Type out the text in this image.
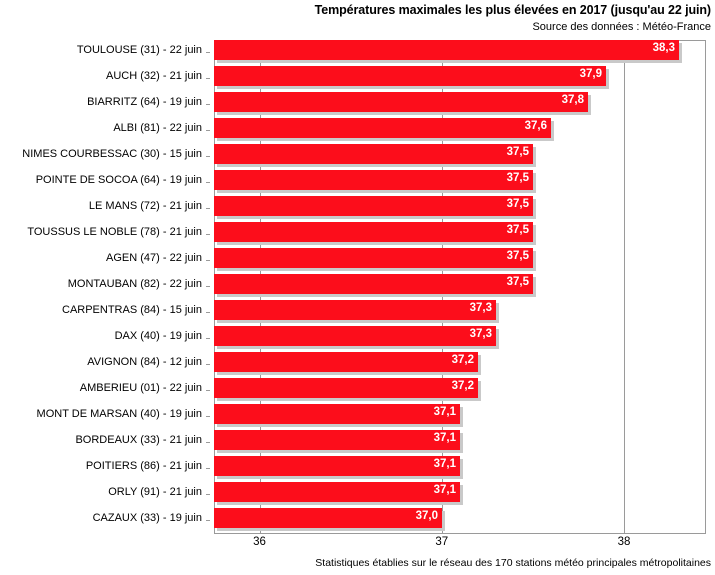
Températures maximales les plus élevées en 2017 (jusqu'au 22 juin)
Source des données : Météo-France
TOULOUSE (31) - 22 juin
AUCH (32) - 21 juin
BIARRITZ (64) - 19 juin
ALBI (81) - 22 juin
NIMES COURBESSAC (30) - 15 juin
POINTE DE SOCOA (64) - 19 juin
LE MANS (72) - 21 juin
TOUSSUS LE NOBLE (78) - 21 juin
AGEN (47) - 22 juin
MONTAUBAN (82) - 22 juin
CARPENTRAS (84) - 15 juin
DAX (40) - 19 juin
AVIGNON (84) - 12 juin
AMBERIEU (01) - 22 juin
MONT DE MARSAN (40) - 19 juin
BORDEAUX (33) - 21 juin
POITIERS (86) - 21 juin
ORLY (91) - 21 juin
CAZAUX (33) - 19 juin
38,3
37,9
37,8
37,6
37,5
37,5
37,5
37,5
37,5
37,5
37,3
37,3
37,2
37,2
37,1
37,1
37,1
37,1
37,0
36	37	38
Statistiques établies sur le réseau des 170 stations météo principales métropolitaines
